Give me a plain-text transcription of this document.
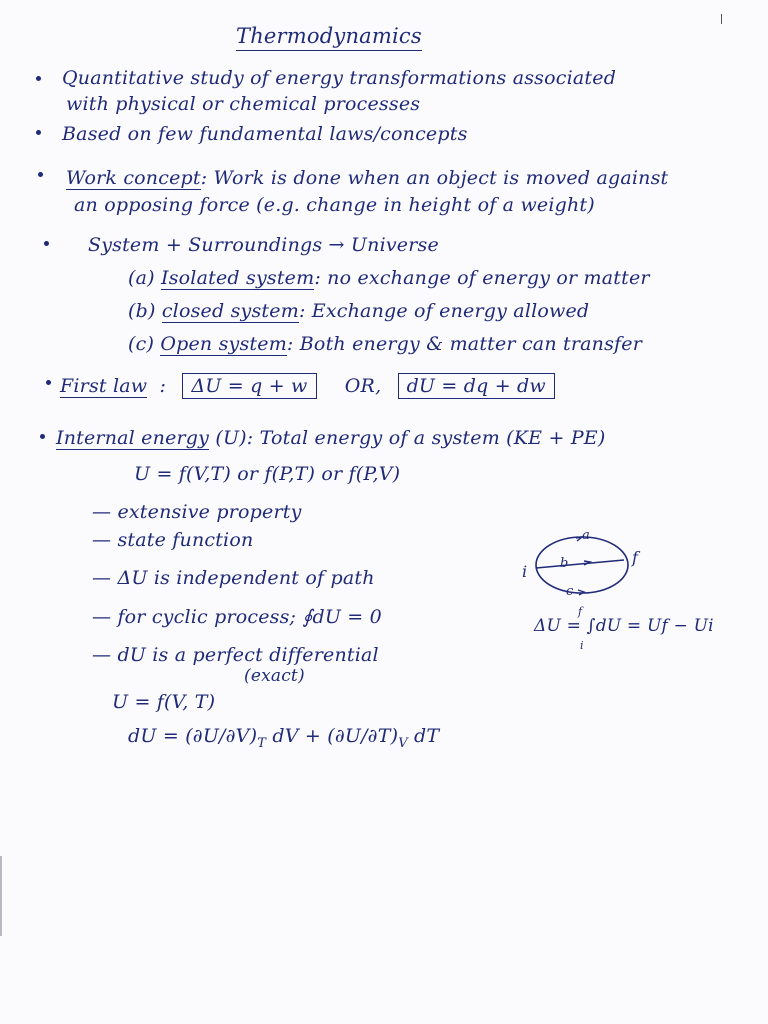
Thermodynamics
Quantitative study of energy transformations associated
with physical or chemical processes
Based on few fundamental laws/concepts
Work concept: Work is done when an object is moved against
an opposing force (e.g. change in height of a weight)
System + Surroundings → Universe
(a) Isolated system: no exchange of energy or matter
(b) closed system: Exchange of energy allowed
(c) Open system: Both energy & matter can transfer
First law : ΔU = q + w OR, dU = dq + dw
Internal energy (U): Total energy of a system (KE + PE)
U = f(V,T) or f(P,T) or f(P,V)
— extensive property
— state function
— ΔU is independent of path
— for cyclic process; ∮dU = 0
— dU is a perfect differential
(exact)
U = f(V, T)
dU = $(\partial U/\partial V)_T$ dV + $(\partial U/\partial T)_V$ dT
i
f
a
b
c
f
ΔU = ∫dU = Uf − Ui
i
